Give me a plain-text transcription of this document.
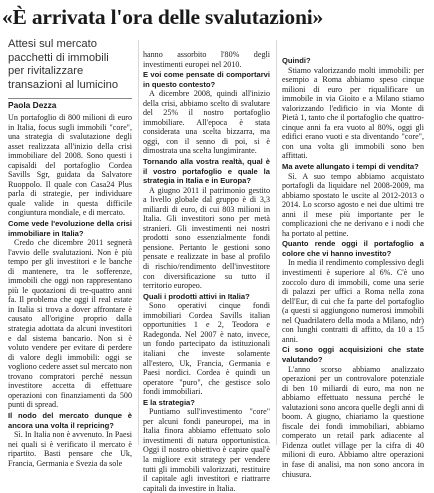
«È arrivata l'ora delle svalutazioni»
Attesi sul mercato
pacchetti di immobili
per rivitalizzare
transazioni al lumicino
Paola Dezza

Un portafoglio di 800 milioni di euro in Italia, focus sugli immobili "core", una strategia di svalutazione degli asset realizzata all'inizio della crisi immobiliare del 2008. Sono questi i capisaldi del portafoglio Cordea Savills Sgr, guidata da Salvatore Ruoppolo. Il quale con Casa24 Plus parla di strategie, per individuare quale valide in questa difficile congiuntura mondiale, e di mercato.

Come vede l'evoluzione della crisi immobiliare in Italia?

Credo che dicembre 2011 segnerà l'avvio delle svalutazioni. Non è più tempo per gli investitori e le banche di mantenere, tra le sofferenze, immobili che oggi non rappresentano più le quotazioni di tre-quattro anni fa. Il problema che oggi il real estate in Italia si trova a dover affrontare è causato all'origine proprio dalla strategia adottata da alcuni investitori e dal sistema bancario. Non si è voluto vendere per evitare di perdere di valore degli immobili: oggi se vogliono cedere asset sul mercato non trovano compratori perché nessun investitore accetta di effettuare operazioni con finanziamenti da 500 punti di spread.

Il nodo del mercato dunque è ancora una volta il repricing?

Sì. In Italia non è avvenuto. In Paesi nei quali si è verificato il mercato è ripartito. Basti pensare che Uk, Francia, Germania e Svezia da sole

hanno assorbito l'80% degli investimenti europei nel 2010.

E voi come pensate di comportarvi in questo contesto?

A dicembre 2008, quindi all'inizio della crisi, abbiamo scelto di svalutare del 25% il nostro portafoglio immobiliare. All'epoca è stata considerata una scelta bizzarra, ma oggi, con il senno di poi, si è dimostrata una scelta lungimirante.

Tornando alla vostra realtà, qual è il vostro portafoglio e quale la strategia in Italia e in Europa?

A giugno 2011 il patrimonio gestito a livello globale dal gruppo è di 3,3 miliardi di euro, di cui 803 milioni in Italia. Gli investitori sono per metà stranieri. Gli investimenti nei nostri prodotti sono essenzialmente fondi pensione. Pertanto le gestioni sono pensate e realizzate in base al profilo di rischio/rendimento dell'investitore con diversificazione su tutto il territorio europeo.

Quali i prodotti attivi in Italia?

Sono operativi cinque fondi immobiliari Cordea Savills italian opportunities 1 e 2, Teodora e Radegonda. Nel 2007 è nato, invece, un fondo partecipato da istituzionali italiani che investe solamente all'estero, Uk, Francia, Germania e Paesi nordici. Cordea è quindi un operatore "puro", che gestisce solo fondi immobiliari.

E la strategia?

Puntiamo sull'investimento "core" per alcuni fondi paneuropei, ma in Italia finora abbiamo effettuato solo investimenti di natura opportunistica. Oggi il nostro obiettivo è capire qual'è la migliore exit strategy per vendere tutti gli immobili valorizzati, restituire il capitale agli investitori e riattrarre capitali da investire in Italia.

Quindi?

Stiamo valorizzando molti immobili: per esempio a Roma abbiamo speso cinque milioni di euro per riqualificare un immobile in via Gioito e a Milano stiamo valorizzando l'edificio in via Monte di Pietà 1, tanto che il portafoglio che quattro-cinque anni fa era vuoto al 80%, oggi gli edifici erano vuoti e sta diventando "core", con una volta gli immobili sono ben affittati.

Ma avete allungato i tempi di vendita?

Sì. A suo tempo abbiamo acquistato portafogli da liquidare nel 2008-2009, ma abbiamo spostato le uscite al 2012-2013 o 2014. Lo scorso agosto e nei due ultimi tre anni il mese più importante per le complicazioni che ne derivano e i nodi che ha portato al pettine.

Quanto rende oggi il portafoglio a colore che vi hanno investito?

In media il rendimento complessivo degli investimenti è superiore al 6%. C'è uno zoccolo duro di immobili, come una serie di palazzi per uffici a Roma nella zona dell'Eur, di cui che fa parte del portafoglio (a questi si aggiungono numerosi immobili nel Quadrilatero della moda a Milano, ndr) con lunghi contratti di affitto, da 10 a 15 anni.

Ci sono oggi acquisizioni che state valutando?

L'anno scorso abbiamo analizzato operazioni per un controvalore potenziale di ben 10 miliardi di euro, ma non ne abbiamo effettuato nessuna perché le valutazioni sono ancora quelle degli anni di boom. A giugno, chiariamo la questione fiscale dei fondi immobiliari, abbiamo comperato un retail park adiacente al Fidenza outlet village per la cifra di 40 milioni di euro. Abbiamo altre operazioni in fase di analisi, ma non sono ancora in chiusura.
